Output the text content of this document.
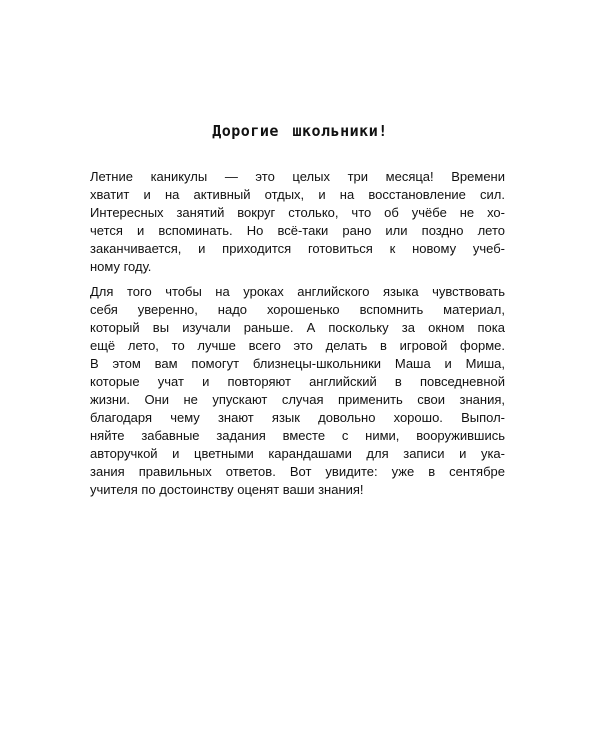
Дорогие школьники!

Летние каникулы — это целых три месяца! Времени
хватит и на активный отдых, и на восстановление сил.
Интересных занятий вокруг столько, что об учёбе не хо-
чется и вспоминать. Но всё-таки рано или поздно лето
заканчивается, и приходится готовиться к новому учеб-
ному году.

Для того чтобы на уроках английского языка чувствовать
себя уверенно, надо хорошенько вспомнить материал,
который вы изучали раньше. А поскольку за окном пока
ещё лето, то лучше всего это делать в игровой форме.
В этом вам помогут близнецы-школьники Маша и Миша,
которые учат и повторяют английский в повседневной
жизни. Они не упускают случая применить свои знания,
благодаря чему знают язык довольно хорошо. Выпол-
няйте забавные задания вместе с ними, вооружившись
авторучкой и цветными карандашами для записи и ука-
зания правильных ответов. Вот увидите: уже в сентябре
учителя по достоинству оценят ваши знания!
